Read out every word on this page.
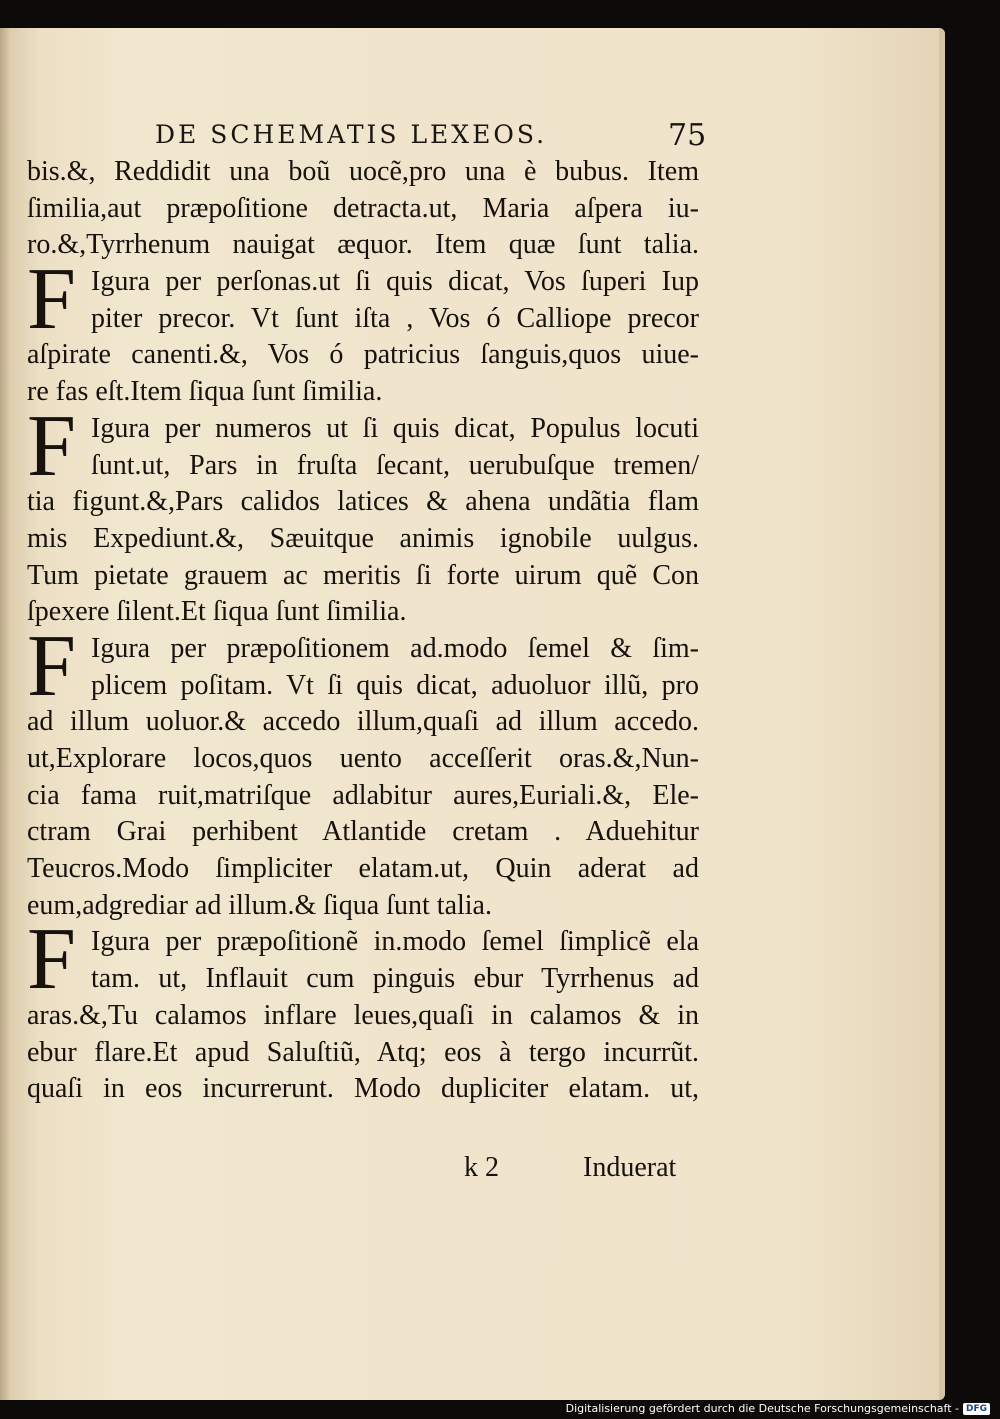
DE SCHEMATIS LEXEOS.	75
bis.&, Reddidit una boũ uocẽ,pro una è bubus. Item
ſimilia,aut præpoſitione detracta.ut, Maria aſpera iu-
ro.&,Tyrrhenum nauigat æquor. Item quæ ſunt talia.
F Igura per perſonas.ut ſi quis dicat, Vos ſuperi Iup
piter precor. Vt ſunt iſta , Vos ó Calliope precor
aſpirate canenti.&, Vos ó patricius ſanguis,quos uiue-
re fas eſt.Item ſiqua ſunt ſimilia.
F Igura per numeros ut ſi quis dicat, Populus locuti
ſunt.ut, Pars in fruſta ſecant, uerubuſque tremen/
tia figunt.&,Pars calidos latices & ahena undãtia flam
mis Expediunt.&, Sæuitque animis ignobile uulgus.
Tum pietate grauem ac meritis ſi forte uirum quẽ Con
ſpexere ſilent.Et ſiqua ſunt ſimilia.
F Igura per præpoſitionem ad.modo ſemel & ſim-
plicem poſitam. Vt ſi quis dicat, aduoluor illũ, pro
ad illum uoluor.& accedo illum,quaſi ad illum accedo.
ut,Explorare locos,quos uento acceſſerit oras.&,Nun-
cia fama ruit,matriſque adlabitur aures,Euriali.&, Ele-
ctram Grai perhibent Atlantide cretam . Aduehitur
Teucros.Modo ſimpliciter elatam.ut, Quin aderat ad
eum,adgrediar ad illum.& ſiqua ſunt talia.
F Igura per præpoſitionẽ in.modo ſemel ſimplicẽ ela
tam. ut, Inflauit cum pinguis ebur Tyrrhenus ad
aras.&,Tu calamos inflare leues,quaſi in calamos & in
ebur flare.Et apud Saluſtiũ, Atq; eos à tergo incurrũt.
quaſi in eos incurrerunt. Modo dupliciter elatam. ut,
k 2	Induerat
Digitalisierung gefördert durch die Deutsche Forschungsgemeinschaft - DFG
